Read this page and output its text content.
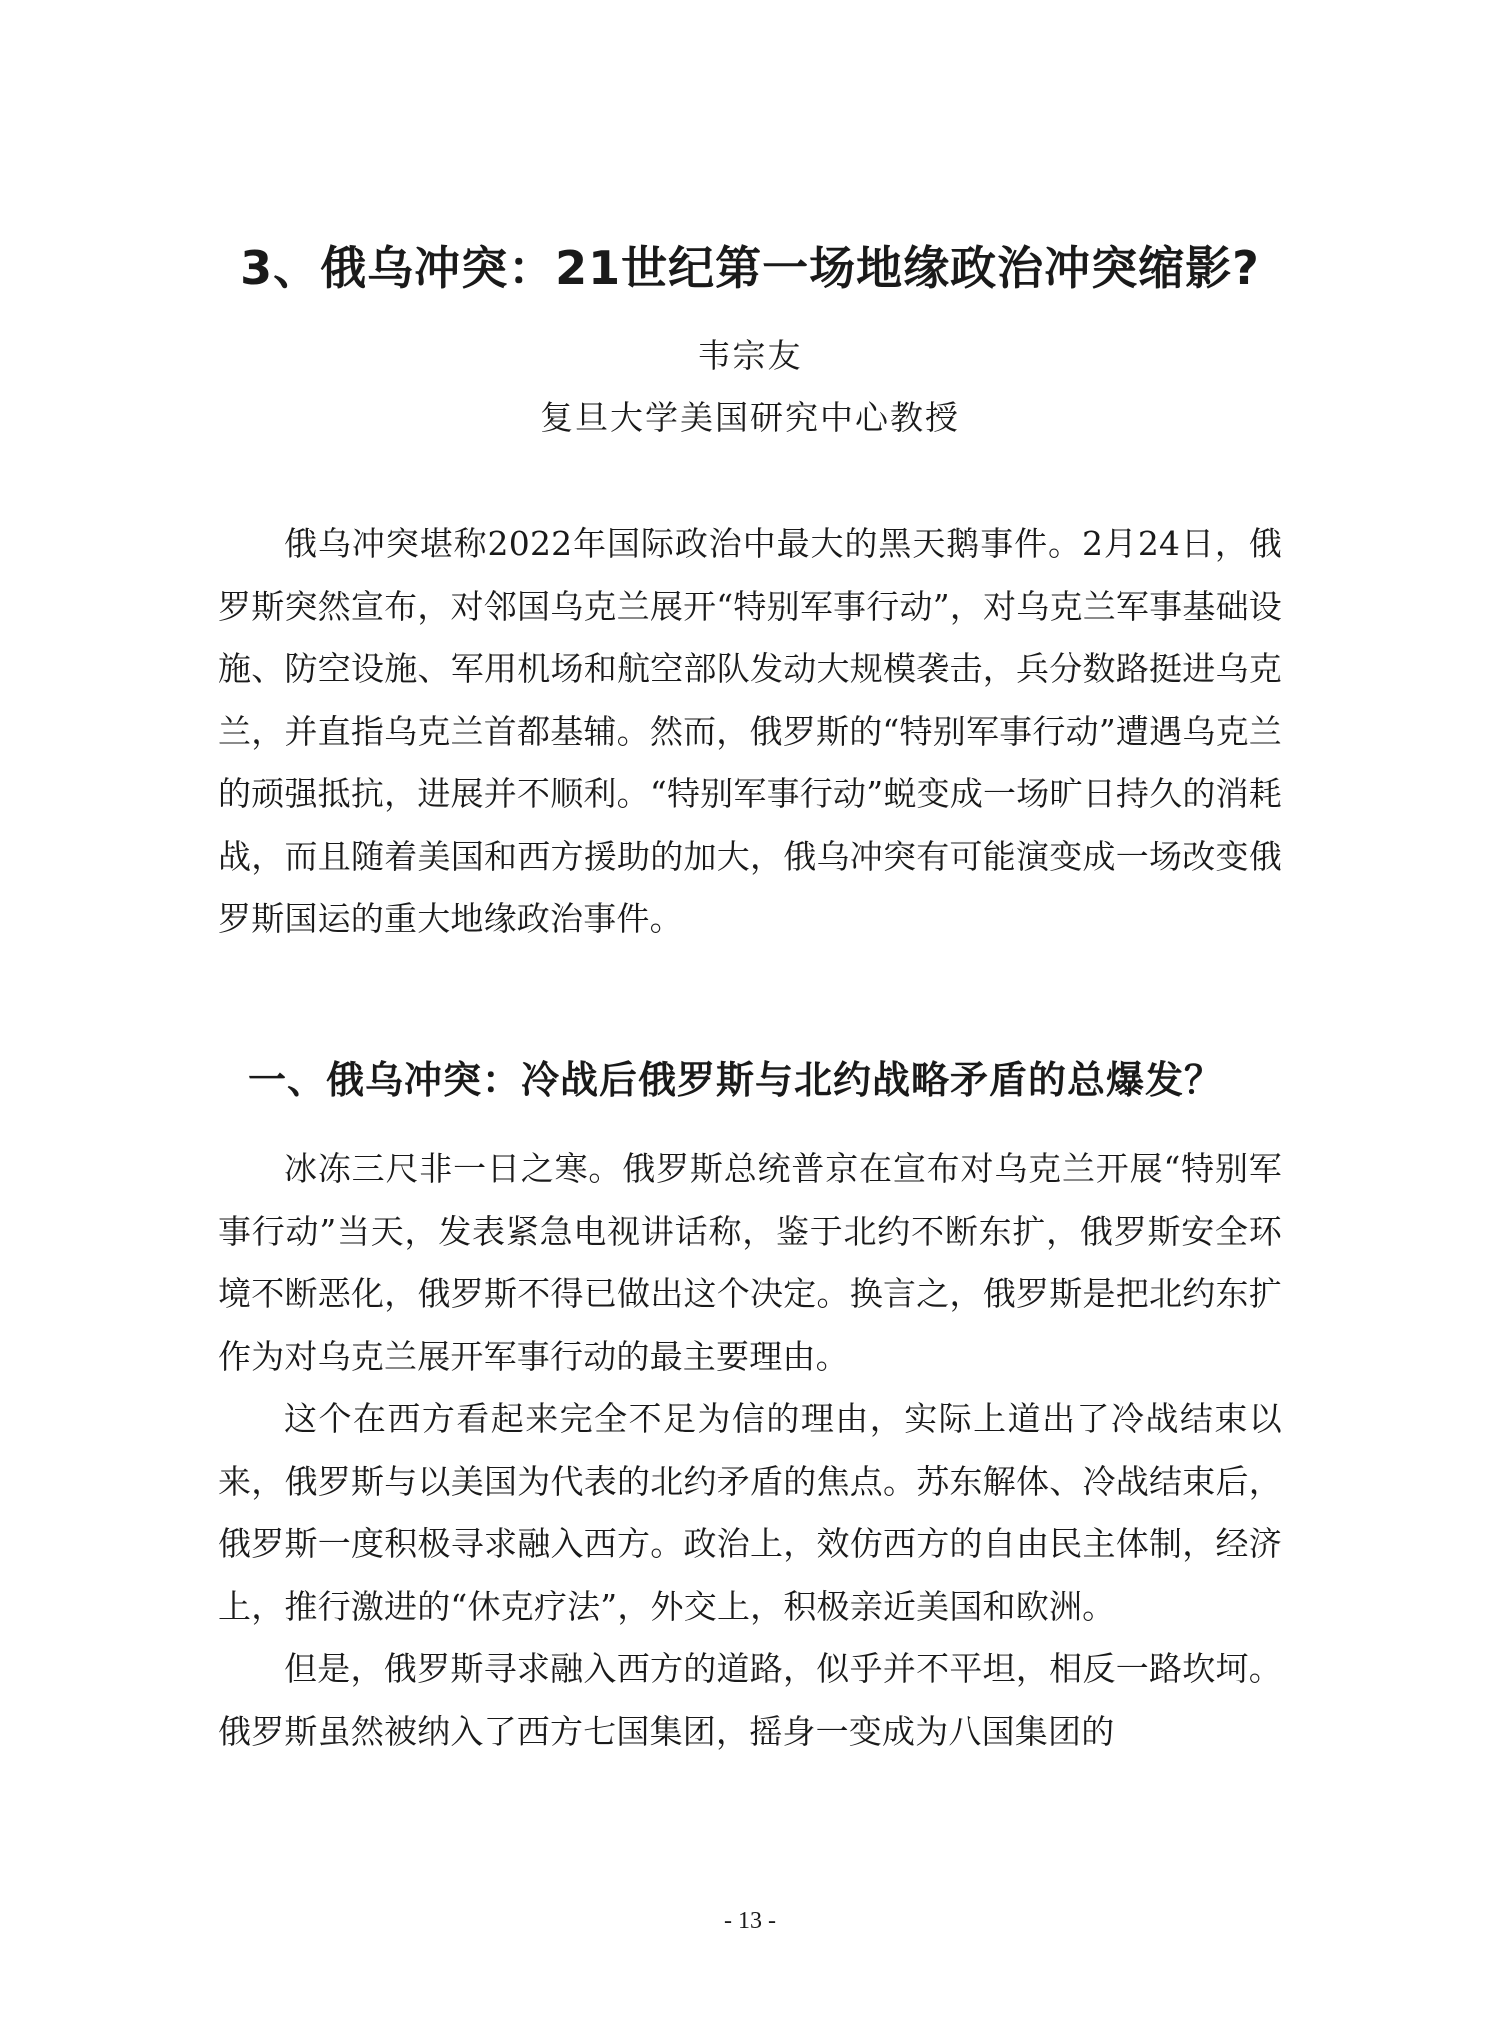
3、俄乌冲突：21世纪第一场地缘政治冲突缩影?
韦宗友
复旦大学美国研究中心教授

俄乌冲突堪称2022年国际政治中最大的黑天鹅事件。2月24日，俄罗斯突然宣布，对邻国乌克兰展开“特别军事行动”，对乌克兰军事基础设施、防空设施、军用机场和航空部队发动大规模袭击，兵分数路挺进乌克兰，并直指乌克兰首都基辅。然而，俄罗斯的“特别军事行动”遭遇乌克兰的顽强抵抗，进展并不顺利。“特别军事行动”蜕变成一场旷日持久的消耗战，而且随着美国和西方援助的加大，俄乌冲突有可能演变成一场改变俄罗斯国运的重大地缘政治事件。

一、俄乌冲突：冷战后俄罗斯与北约战略矛盾的总爆发？

冰冻三尺非一日之寒。俄罗斯总统普京在宣布对乌克兰开展“特别军事行动”当天，发表紧急电视讲话称，鉴于北约不断东扩，俄罗斯安全环境不断恶化，俄罗斯不得已做出这个决定。换言之，俄罗斯是把北约东扩作为对乌克兰展开军事行动的最主要理由。

这个在西方看起来完全不足为信的理由，实际上道出了冷战结束以来，俄罗斯与以美国为代表的北约矛盾的焦点。苏东解体、冷战结束后，俄罗斯一度积极寻求融入西方。政治上，效仿西方的自由民主体制，经济上，推行激进的“休克疗法”，外交上，积极亲近美国和欧洲。

但是，俄罗斯寻求融入西方的道路，似乎并不平坦，相反一路坎坷。俄罗斯虽然被纳入了西方七国集团，摇身一变成为八国集团的

- 13 -
